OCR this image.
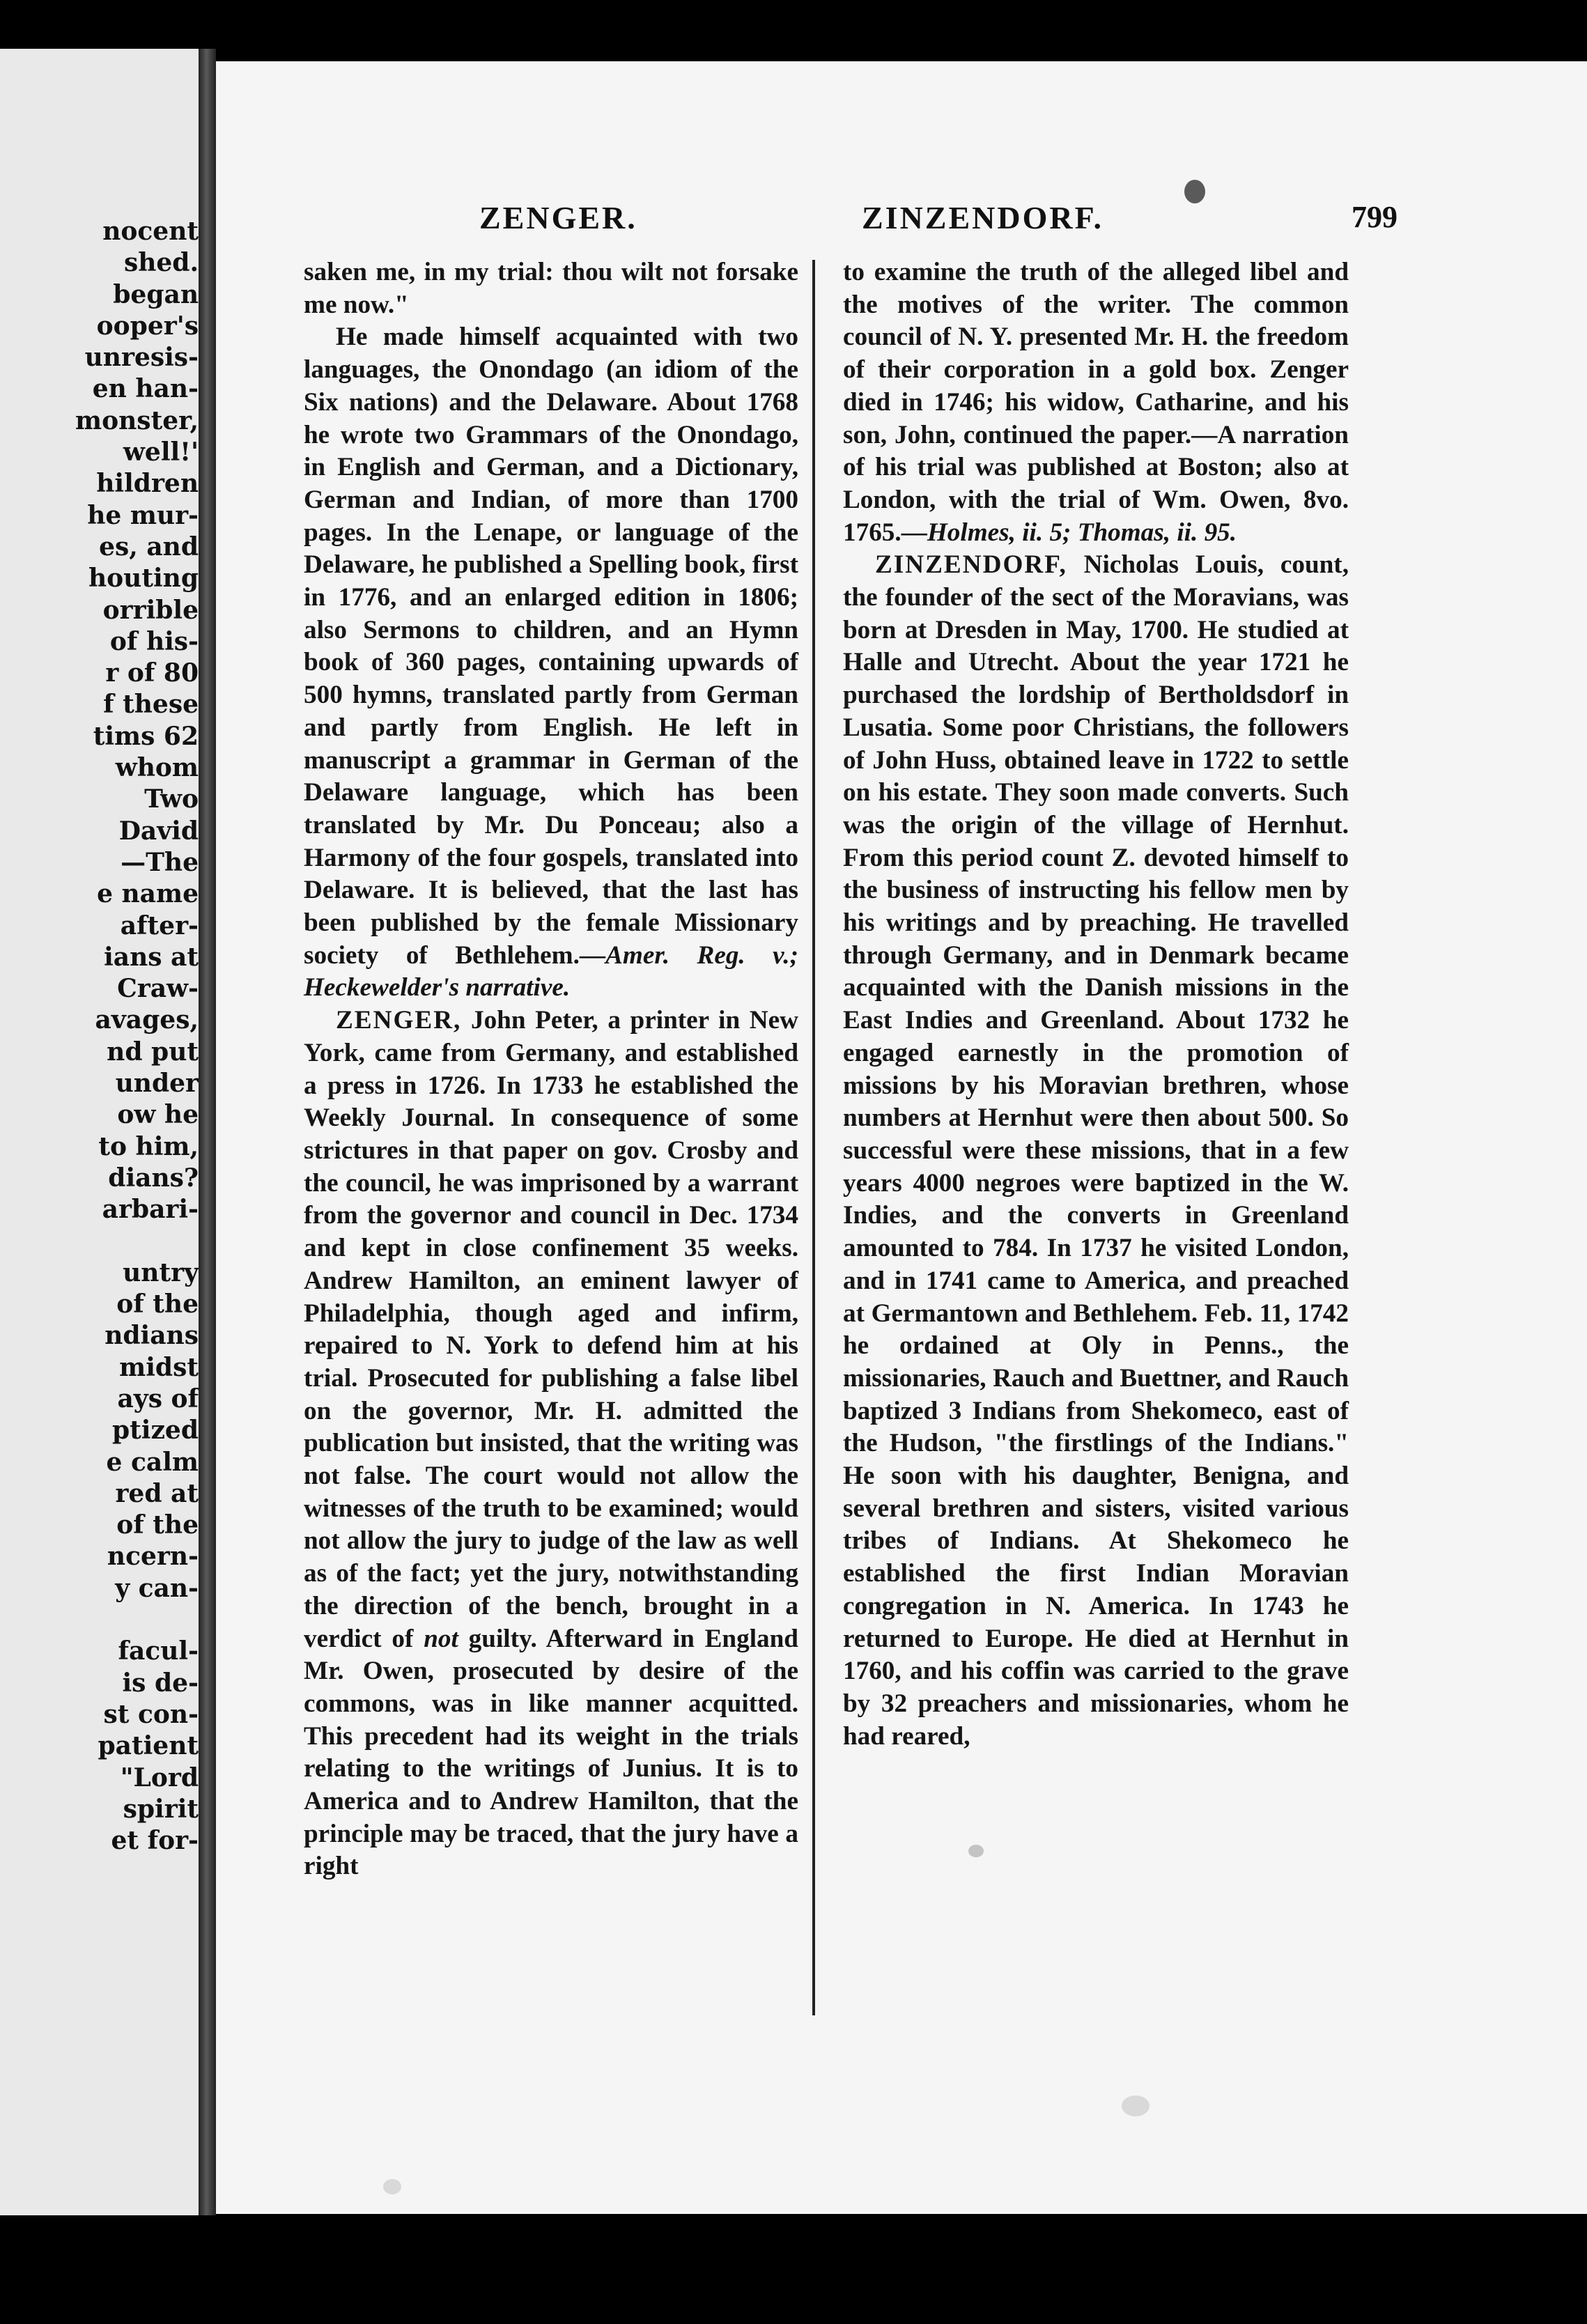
nocent
shed.
began
ooper's
unresis-
en han-
monster,
well!'
hildren
he mur-
es, and
houting
orrible
of his-
r of 80
f these
tims 62
whom
Two
David
—The
e name
after-
ians at
Craw-
avages,
nd put
under
ow he
to him,
dians?
arbari-

untry
of the
ndians
midst
ays of
ptized
e calm
red at
of the
ncern-
y can-

facul-
is de-
st con-
patient
"Lord
spirit
et for-
ZENGER.	ZINZENDORF.	799

saken me, in my trial: thou wilt not forsake me now."

He made himself acquainted with two languages, the Onondago (an idiom of the Six nations) and the Delaware. About 1768 he wrote two Grammars of the Onondago, in English and German, and a Dictionary, German and Indian, of more than 1700 pages. In the Lenape, or language of the Delaware, he published a Spelling book, first in 1776, and an enlarged edition in 1806; also Sermons to children, and an Hymn book of 360 pages, containing upwards of 500 hymns, translated partly from German and partly from English. He left in manuscript a grammar in German of the Delaware language, which has been translated by Mr. Du Ponceau; also a Harmony of the four gospels, translated into Delaware. It is believed, that the last has been published by the female Missionary society of Bethlehem.—Amer. Reg. v.; Heckewelder's narrative.

ZENGER, John Peter, a printer in New York, came from Germany, and established a press in 1726. In 1733 he established the Weekly Journal. In consequence of some strictures in that paper on gov. Crosby and the council, he was imprisoned by a warrant from the governor and council in Dec. 1734 and kept in close confinement 35 weeks. Andrew Hamilton, an eminent lawyer of Philadelphia, though aged and infirm, repaired to N. York to defend him at his trial. Prosecuted for publishing a false libel on the governor, Mr. H. admitted the publication but insisted, that the writing was not false. The court would not allow the witnesses of the truth to be examined; would not allow the jury to judge of the law as well as of the fact; yet the jury, notwithstanding the direction of the bench, brought in a verdict of not guilty. Afterward in England Mr. Owen, prosecuted by desire of the commons, was in like manner acquitted. This precedent had its weight in the trials relating to the writings of Junius. It is to America and to Andrew Hamilton, that the principle may be traced, that the jury have a right

to examine the truth of the alleged libel and the motives of the writer. The common council of N. Y. presented Mr. H. the freedom of their corporation in a gold box. Zenger died in 1746; his widow, Catharine, and his son, John, continued the paper.—A narration of his trial was published at Boston; also at London, with the trial of Wm. Owen, 8vo. 1765.—Holmes, ii. 5; Thomas, ii. 95.

ZINZENDORF, Nicholas Louis, count, the founder of the sect of the Moravians, was born at Dresden in May, 1700. He studied at Halle and Utrecht. About the year 1721 he purchased the lordship of Bertholdsdorf in Lusatia. Some poor Christians, the followers of John Huss, obtained leave in 1722 to settle on his estate. They soon made converts. Such was the origin of the village of Hernhut. From this period count Z. devoted himself to the business of instructing his fellow men by his writings and by preaching. He travelled through Germany, and in Denmark became acquainted with the Danish missions in the East Indies and Greenland. About 1732 he engaged earnestly in the promotion of missions by his Moravian brethren, whose numbers at Hernhut were then about 500. So successful were these missions, that in a few years 4000 negroes were baptized in the W. Indies, and the converts in Greenland amounted to 784. In 1737 he visited London, and in 1741 came to America, and preached at Germantown and Bethlehem. Feb. 11, 1742 he ordained at Oly in Penns., the missionaries, Rauch and Buettner, and Rauch baptized 3 Indians from Shekomeco, east of the Hudson, "the firstlings of the Indians." He soon with his daughter, Benigna, and several brethren and sisters, visited various tribes of Indians. At Shekomeco he established the first Indian Moravian congregation in N. America. In 1743 he returned to Europe. He died at Hernhut in 1760, and his coffin was carried to the grave by 32 preachers and missionaries, whom he had reared,
